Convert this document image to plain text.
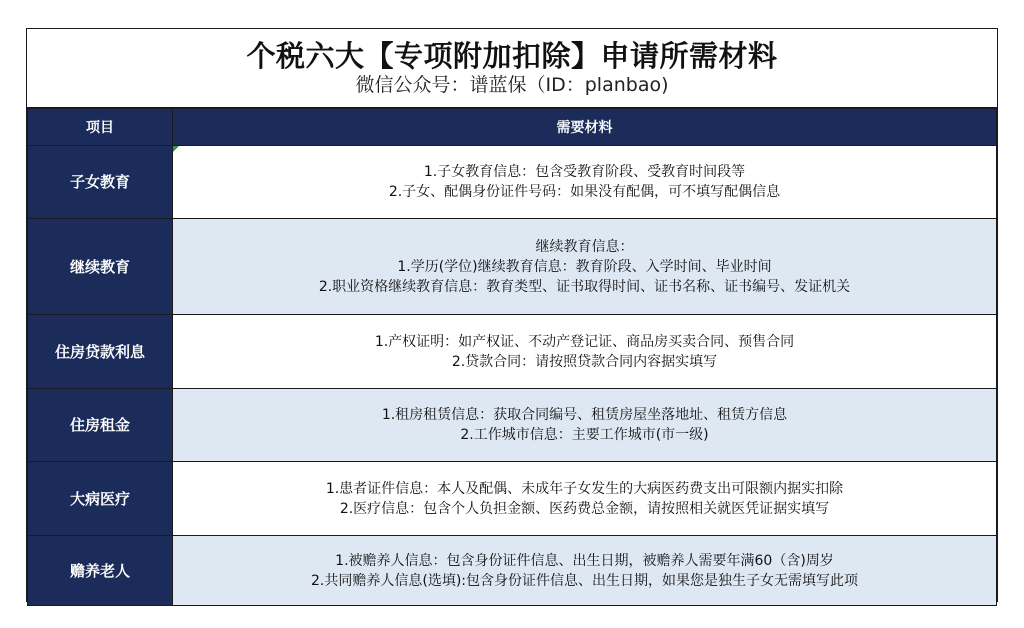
个税六大【专项附加扣除】申请所需材料
微信公众号：谱蓝保（ID：planbao)
项目	需要材料
子女教育	1.子女教育信息：包含受教育阶段、受教育时间段等
2.子女、配偶身份证件号码：如果没有配偶，可不填写配偶信息

继续教育	继续教育信息：
1.学历(学位)继续教育信息：教育阶段、入学时间、毕业时间
2.职业资格继续教育信息：教育类型、证书取得时间、证书名称、证书编号、发证机关

住房贷款利息	1.产权证明：如产权证、不动产登记证、商品房买卖合同、预售合同
2.贷款合同：请按照贷款合同内容据实填写

住房租金	1.租房租赁信息：获取合同编号、租赁房屋坐落地址、租赁方信息
2.工作城市信息：主要工作城市(市一级)

大病医疗	1.患者证件信息：本人及配偶、未成年子女发生的大病医药费支出可限额内据实扣除
2.医疗信息：包含个人负担金额、医药费总金额，请按照相关就医凭证据实填写

赡养老人	1.被赡养人信息：包含身份证件信息、出生日期，被赡养人需要年满60（含)周岁
2.共同赡养人信息(选填):包含身份证件信息、出生日期，如果您是独生子女无需填写此项
